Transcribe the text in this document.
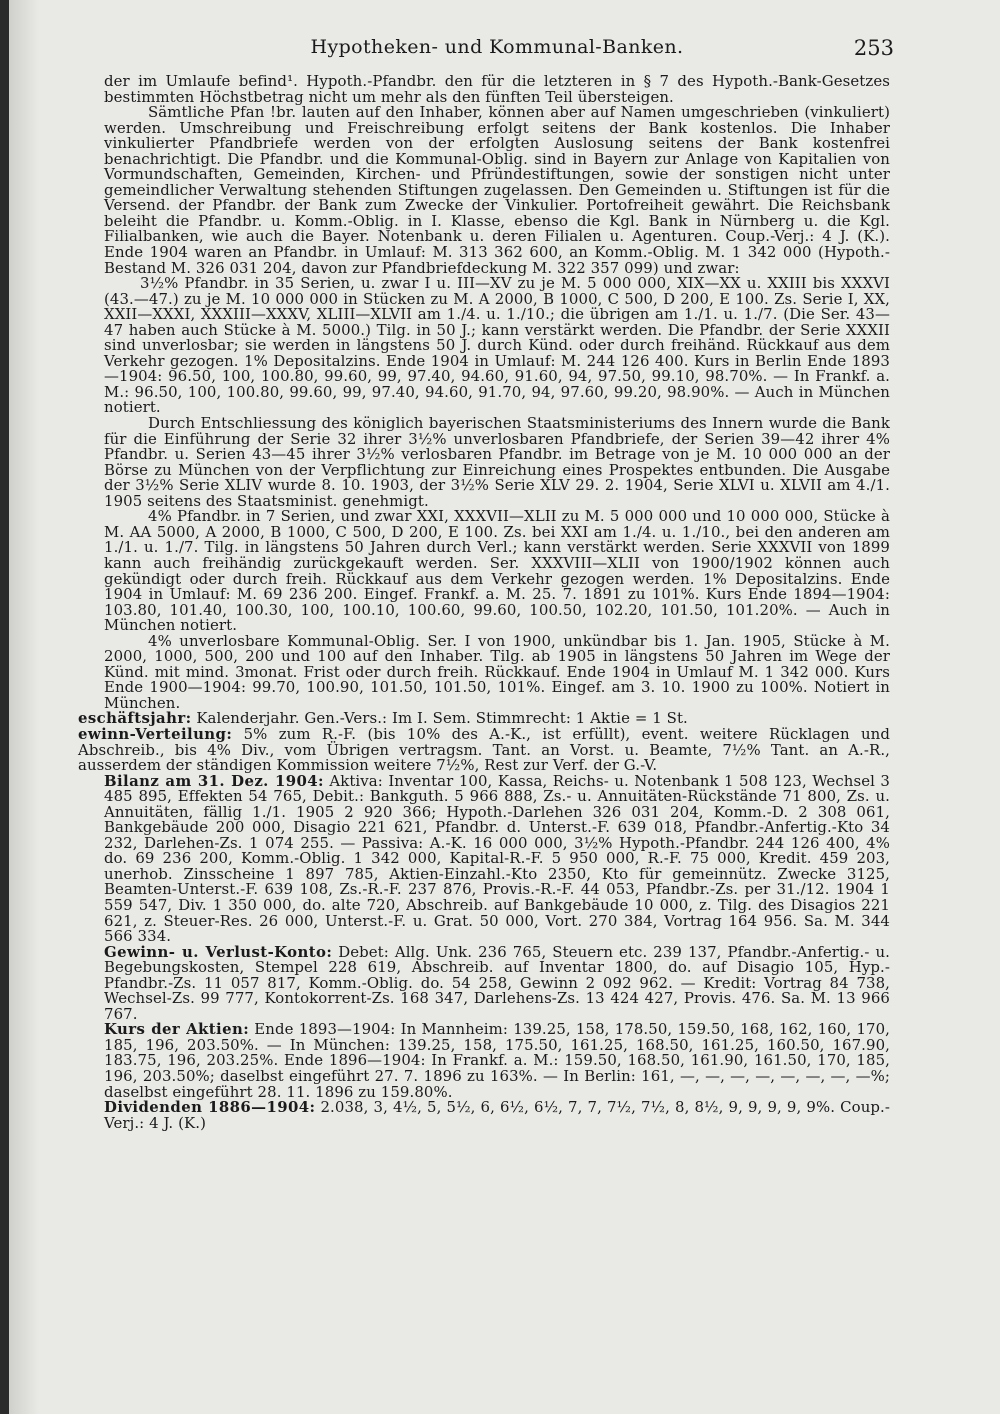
Hypotheken- und Kommunal-Banken.	253

der im Umlaufe befind¹. Hypoth.-Pfandbr. den für die letzteren in § 7 des Hypoth.-Bank-Gesetzes bestimmten Höchstbetrag nicht um mehr als den fünften Teil übersteigen.

Sämtliche Pfan !br. lauten auf den Inhaber, können aber auf Namen umgeschrieben (vinkuliert) werden. Umschreibung und Freischreibung erfolgt seitens der Bank kostenlos. Die Inhaber vinkulierter Pfandbriefe werden von der erfolgten Auslosung seitens der Bank kostenfrei benachrichtigt. Die Pfandbr. und die Kommunal-Oblig. sind in Bayern zur Anlage von Kapitalien von Vormundschaften, Gemeinden, Kirchen- und Pfründestiftungen, sowie der sonstigen nicht unter gemeindlicher Verwaltung stehenden Stiftungen zugelassen. Den Gemeinden u. Stiftungen ist für die Versend. der Pfandbr. der Bank zum Zwecke der Vinkulier. Portofreiheit gewährt. Die Reichsbank beleiht die Pfandbr. u. Komm.-Oblig. in I. Klasse, ebenso die Kgl. Bank in Nürnberg u. die Kgl. Filialbanken, wie auch die Bayer. Notenbank u. deren Filialen u. Agenturen. Coup.-Verj.: 4 J. (K.). Ende 1904 waren an Pfandbr. in Umlauf: M. 313 362 600, an Komm.-Oblig. M. 1 342 000 (Hypoth.-Bestand M. 326 031 204, davon zur Pfandbriefdeckung M. 322 357 099) und zwar:

3½% Pfandbr. in 35 Serien, u. zwar I u. III—XV zu je M. 5 000 000, XIX—XX u. XXIII bis XXXVI (43.—47.) zu je M. 10 000 000 in Stücken zu M. A 2000, B 1000, C 500, D 200, E 100. Zs. Serie I, XX, XXII—XXXI, XXXIII—XXXV, XLIII—XLVII am 1./4. u. 1./10.; die übrigen am 1./1. u. 1./7. (Die Ser. 43—47 haben auch Stücke à M. 5000.) Tilg. in 50 J.; kann verstärkt werden. Die Pfandbr. der Serie XXXII sind unverlosbar; sie werden in längstens 50 J. durch Künd. oder durch freihänd. Rückkauf aus dem Verkehr gezogen. 1% Depositalzins. Ende 1904 in Umlauf: M. 244 126 400. Kurs in Berlin Ende 1893—1904: 96.50, 100, 100.80, 99.60, 99, 97.40, 94.60, 91.60, 94, 97.50, 99.10, 98.70%. — In Frankf. a. M.: 96.50, 100, 100.80, 99.60, 99, 97.40, 94.60, 91.70, 94, 97.60, 99.20, 98.90%. — Auch in München notiert.

Durch Entschliessung des königlich bayerischen Staatsministeriums des Innern wurde die Bank für die Einführung der Serie 32 ihrer 3½% unverlosbaren Pfandbriefe, der Serien 39—42 ihrer 4% Pfandbr. u. Serien 43—45 ihrer 3½% verlosbaren Pfandbr. im Betrage von je M. 10 000 000 an der Börse zu München von der Verpflichtung zur Einreichung eines Prospektes entbunden. Die Ausgabe der 3½% Serie XLIV wurde 8. 10. 1903, der 3½% Serie XLV 29. 2. 1904, Serie XLVI u. XLVII am 4./1. 1905 seitens des Staatsminist. genehmigt.

4% Pfandbr. in 7 Serien, und zwar XXI, XXXVII—XLII zu M. 5 000 000 und 10 000 000, Stücke à M. AA 5000, A 2000, B 1000, C 500, D 200, E 100. Zs. bei XXI am 1./4. u. 1./10., bei den anderen am 1./1. u. 1./7. Tilg. in längstens 50 Jahren durch Verl.; kann verstärkt werden. Serie XXXVII von 1899 kann auch freihändig zurückgekauft werden. Ser. XXXVIII—XLII von 1900/1902 können auch gekündigt oder durch freih. Rückkauf aus dem Verkehr gezogen werden. 1% Depositalzins. Ende 1904 in Umlauf: M. 69 236 200. Eingef. Frankf. a. M. 25. 7. 1891 zu 101%. Kurs Ende 1894—1904: 103.80, 101.40, 100.30, 100, 100.10, 100.60, 99.60, 100.50, 102.20, 101.50, 101.20%. — Auch in München notiert.

4% unverlosbare Kommunal-Oblig. Ser. I von 1900, unkündbar bis 1. Jan. 1905, Stücke à M. 2000, 1000, 500, 200 und 100 auf den Inhaber. Tilg. ab 1905 in längstens 50 Jahren im Wege der Künd. mit mind. 3monat. Frist oder durch freih. Rückkauf. Ende 1904 in Umlauf M. 1 342 000. Kurs Ende 1900—1904: 99.70, 100.90, 101.50, 101.50, 101%. Eingef. am 3. 10. 1900 zu 100%. Notiert in München.

eschäftsjahr: Kalenderjahr. Gen.-Vers.: Im I. Sem. Stimmrecht: 1 Aktie = 1 St.

ewinn-Verteilung: 5% zum R.-F. (bis 10% des A.-K., ist erfüllt), event. weitere Rücklagen und Abschreib., bis 4% Div., vom Übrigen vertragsm. Tant. an Vorst. u. Beamte, 7½% Tant. an A.-R., ausserdem der ständigen Kommission weitere 7½%, Rest zur Verf. der G.-V.

Bilanz am 31. Dez. 1904: Aktiva: Inventar 100, Kassa, Reichs- u. Notenbank 1 508 123, Wechsel 3 485 895, Effekten 54 765, Debit.: Bankguth. 5 966 888, Zs.- u. Annuitäten-Rückstände 71 800, Zs. u. Annuitäten, fällig 1./1. 1905 2 920 366; Hypoth.-Darlehen 326 031 204, Komm.-D. 2 308 061, Bankgebäude 200 000, Disagio 221 621, Pfandbr. d. Unterst.-F. 639 018, Pfandbr.-Anfertig.-Kto 34 232, Darlehen-Zs. 1 074 255. — Passiva: A.-K. 16 000 000, 3½% Hypoth.-Pfandbr. 244 126 400, 4% do. 69 236 200, Komm.-Oblig. 1 342 000, Kapital-R.-F. 5 950 000, R.-F. 75 000, Kredit. 459 203, unerhob. Zinsscheine 1 897 785, Aktien-Einzahl.-Kto 2350, Kto für gemeinnütz. Zwecke 3125, Beamten-Unterst.-F. 639 108, Zs.-R.-F. 237 876, Provis.-R.-F. 44 053, Pfandbr.-Zs. per 31./12. 1904 1 559 547, Div. 1 350 000, do. alte 720, Abschreib. auf Bankgebäude 10 000, z. Tilg. des Disagios 221 621, z. Steuer-Res. 26 000, Unterst.-F. u. Grat. 50 000, Vort. 270 384, Vortrag 164 956. Sa. M. 344 566 334.

Gewinn- u. Verlust-Konto: Debet: Allg. Unk. 236 765, Steuern etc. 239 137, Pfandbr.-Anfertig.- u. Begebungskosten, Stempel 228 619, Abschreib. auf Inventar 1800, do. auf Disagio 105, Hyp.-Pfandbr.-Zs. 11 057 817, Komm.-Oblig. do. 54 258, Gewinn 2 092 962. — Kredit: Vortrag 84 738, Wechsel-Zs. 99 777, Kontokorrent-Zs. 168 347, Darlehens-Zs. 13 424 427, Provis. 476. Sa. M. 13 966 767.

Kurs der Aktien: Ende 1893—1904: In Mannheim: 139.25, 158, 178.50, 159.50, 168, 162, 160, 170, 185, 196, 203.50%. — In München: 139.25, 158, 175.50, 161.25, 168.50, 161.25, 160.50, 167.90, 183.75, 196, 203.25%. Ende 1896—1904: In Frankf. a. M.: 159.50, 168.50, 161.90, 161.50, 170, 185, 196, 203.50%; daselbst eingeführt 27. 7. 1896 zu 163%. — In Berlin: 161, —, —, —, —, —, —, —, —%; daselbst eingeführt 28. 11. 1896 zu 159.80%.

Dividenden 1886—1904: 2.038, 3, 4½, 5, 5½, 6, 6½, 6½, 7, 7, 7½, 7½, 8, 8½, 9, 9, 9, 9, 9%. Coup.-Verj.: 4 J. (K.)
